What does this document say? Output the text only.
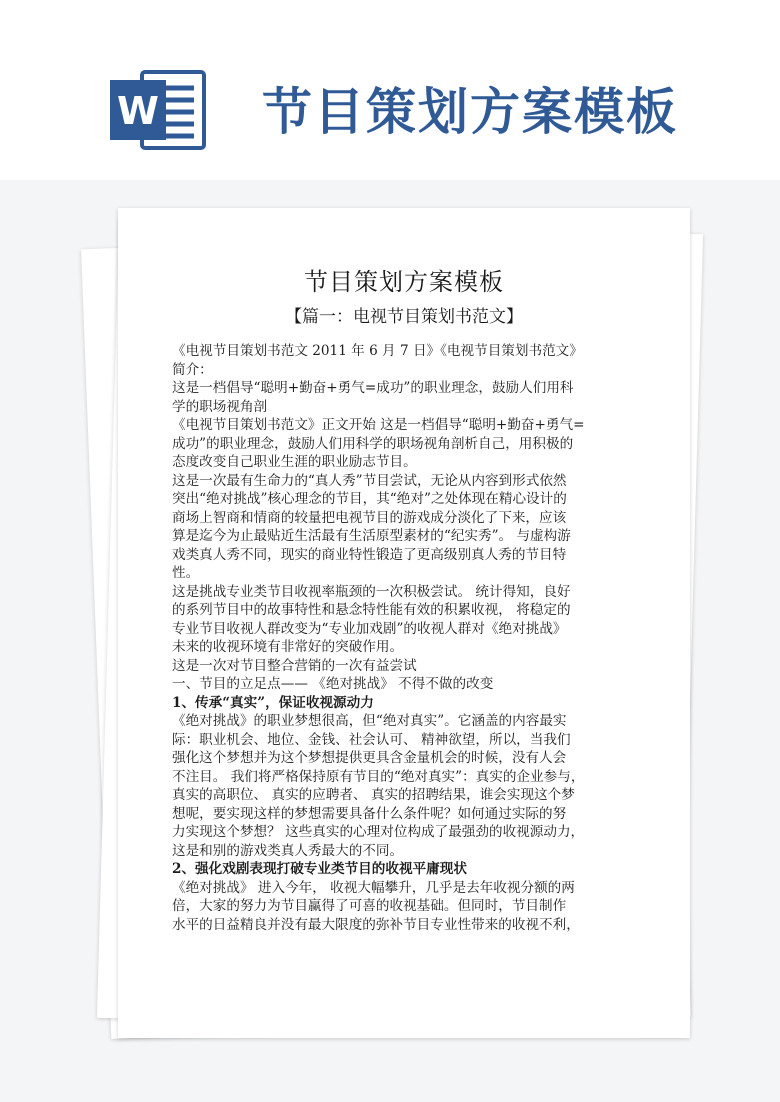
W 节目策划方案模板
节目策划方案模板
【篇一：电视节目策划书范文】
《电视节目策划书范文 2011 年 6 月 7 日》《电视节目策划书范文》
简介：
这是一档倡导“聪明+勤奋+勇气=成功”的职业理念，鼓励人们用科
学的职场视角剖
《电视节目策划书范文》正文开始 这是一档倡导“聪明+勤奋+勇气=
成功”的职业理念，鼓励人们用科学的职场视角剖析自己，用积极的
态度改变自己职业生涯的职业励志节目。
这是一次最有生命力的“真人秀”节目尝试，无论从内容到形式依然
突出“绝对挑战”核心理念的节目，其“绝对”之处体现在精心设计的
商场上智商和情商的较量把电视节目的游戏成分淡化了下来，应该
算是迄今为止最贴近生活最有生活原型素材的“纪实秀”。 与虚构游
戏类真人秀不同，现实的商业特性锻造了更高级别真人秀的节目特
性。
这是挑战专业类节目收视率瓶颈的一次积极尝试。 统计得知，良好
的系列节目中的故事特性和悬念特性能有效的积累收视， 将稳定的
专业节目收视人群改变为“专业加戏剧”的收视人群对《绝对挑战》
未来的收视环境有非常好的突破作用。
这是一次对节目整合营销的一次有益尝试
一、节目的立足点—— 《绝对挑战》 不得不做的改变
1、传承“真实”，保证收视源动力
《绝对挑战》的职业梦想很高，但“绝对真实”。它涵盖的内容最实
际：职业机会、地位、金钱、社会认可、 精神欲望，所以，当我们
强化这个梦想并为这个梦想提供更具含金量机会的时候，没有人会
不注目。 我们将严格保持原有节目的“绝对真实”：真实的企业参与，
真实的高职位、 真实的应聘者、 真实的招聘结果，谁会实现这个梦
想呢，要实现这样的梦想需要具备什么条件呢？如何通过实际的努
力实现这个梦想？ 这些真实的心理对位构成了最强劲的收视源动力，
这是和别的游戏类真人秀最大的不同。
2、强化戏剧表现打破专业类节目的收视平庸现状
《绝对挑战》 进入今年， 收视大幅攀升，几乎是去年收视分额的两
倍，大家的努力为节目赢得了可喜的收视基础。但同时，节目制作
水平的日益精良并没有最大限度的弥补节目专业性带来的收视不利，
